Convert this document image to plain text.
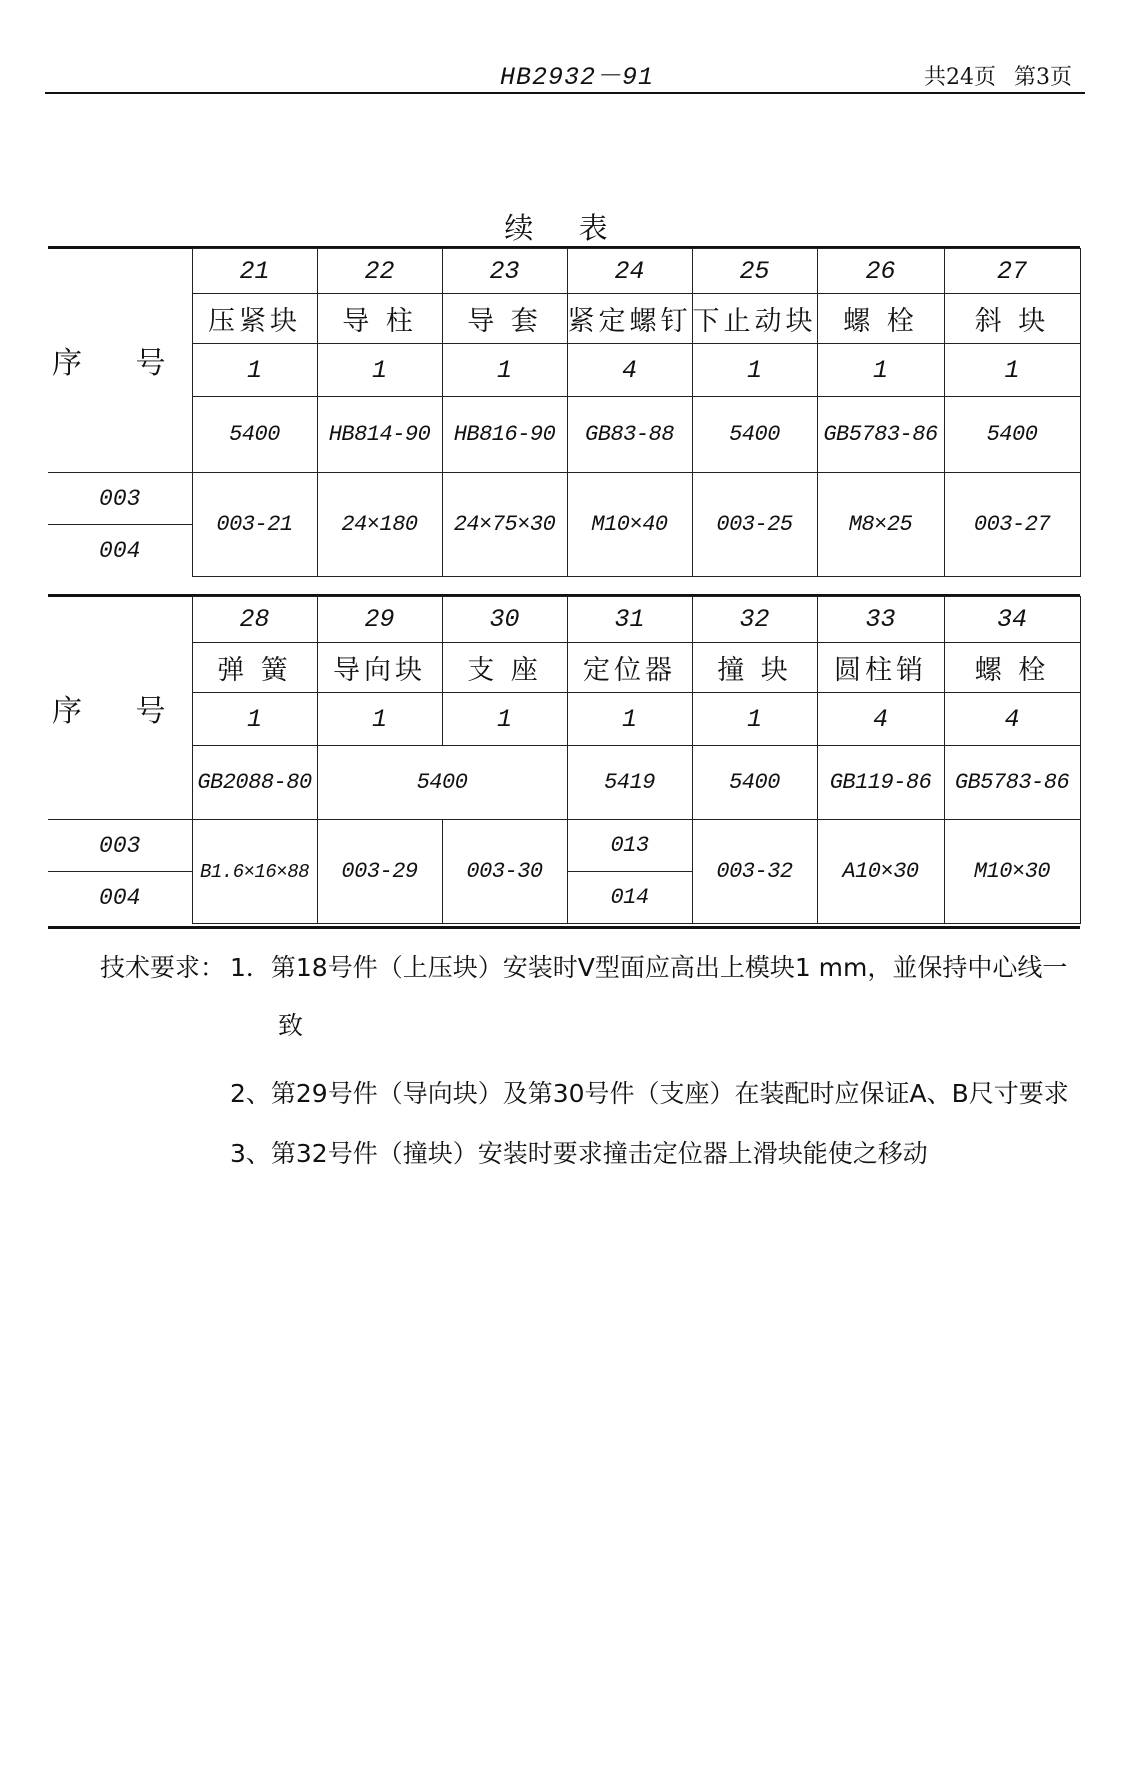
HB2932－91	共24页 第3页
续 表
序 号	21	22	23	24	25	26	27
	压紧块	导 柱	导 套	紧定螺钉	下止动块	螺 栓	斜 块
	1	1	1	4	1	1	1
	5400	HB814-90	HB816-90	GB83-88	5400	GB5783-86	5400
003	003-21	24×180	24×75×30	M10×40	003-25	M8×25	003-27
004							
序 号	28	29	30	31	32	33	34
	弹 簧	导向块	支 座	定位器	撞 块	圆柱销	螺 栓
	1	1	1	1	1	4	4
	GB2088-80	5400		5419	5400	GB119-86	GB5783-86
003	B1.6×16×88	003-29	003-30	013	003-32	A10×30	M10×30
004				014			
技术要求： 1．第18号件（上压块）安装时V型面应高出上模块1 mm，並保持中心线一
致
2、第29号件（导向块）及第30号件（支座）在装配时应保证A、B尺寸要求
3、第32号件（撞块）安装时要求撞击定位器上滑块能使之移动
